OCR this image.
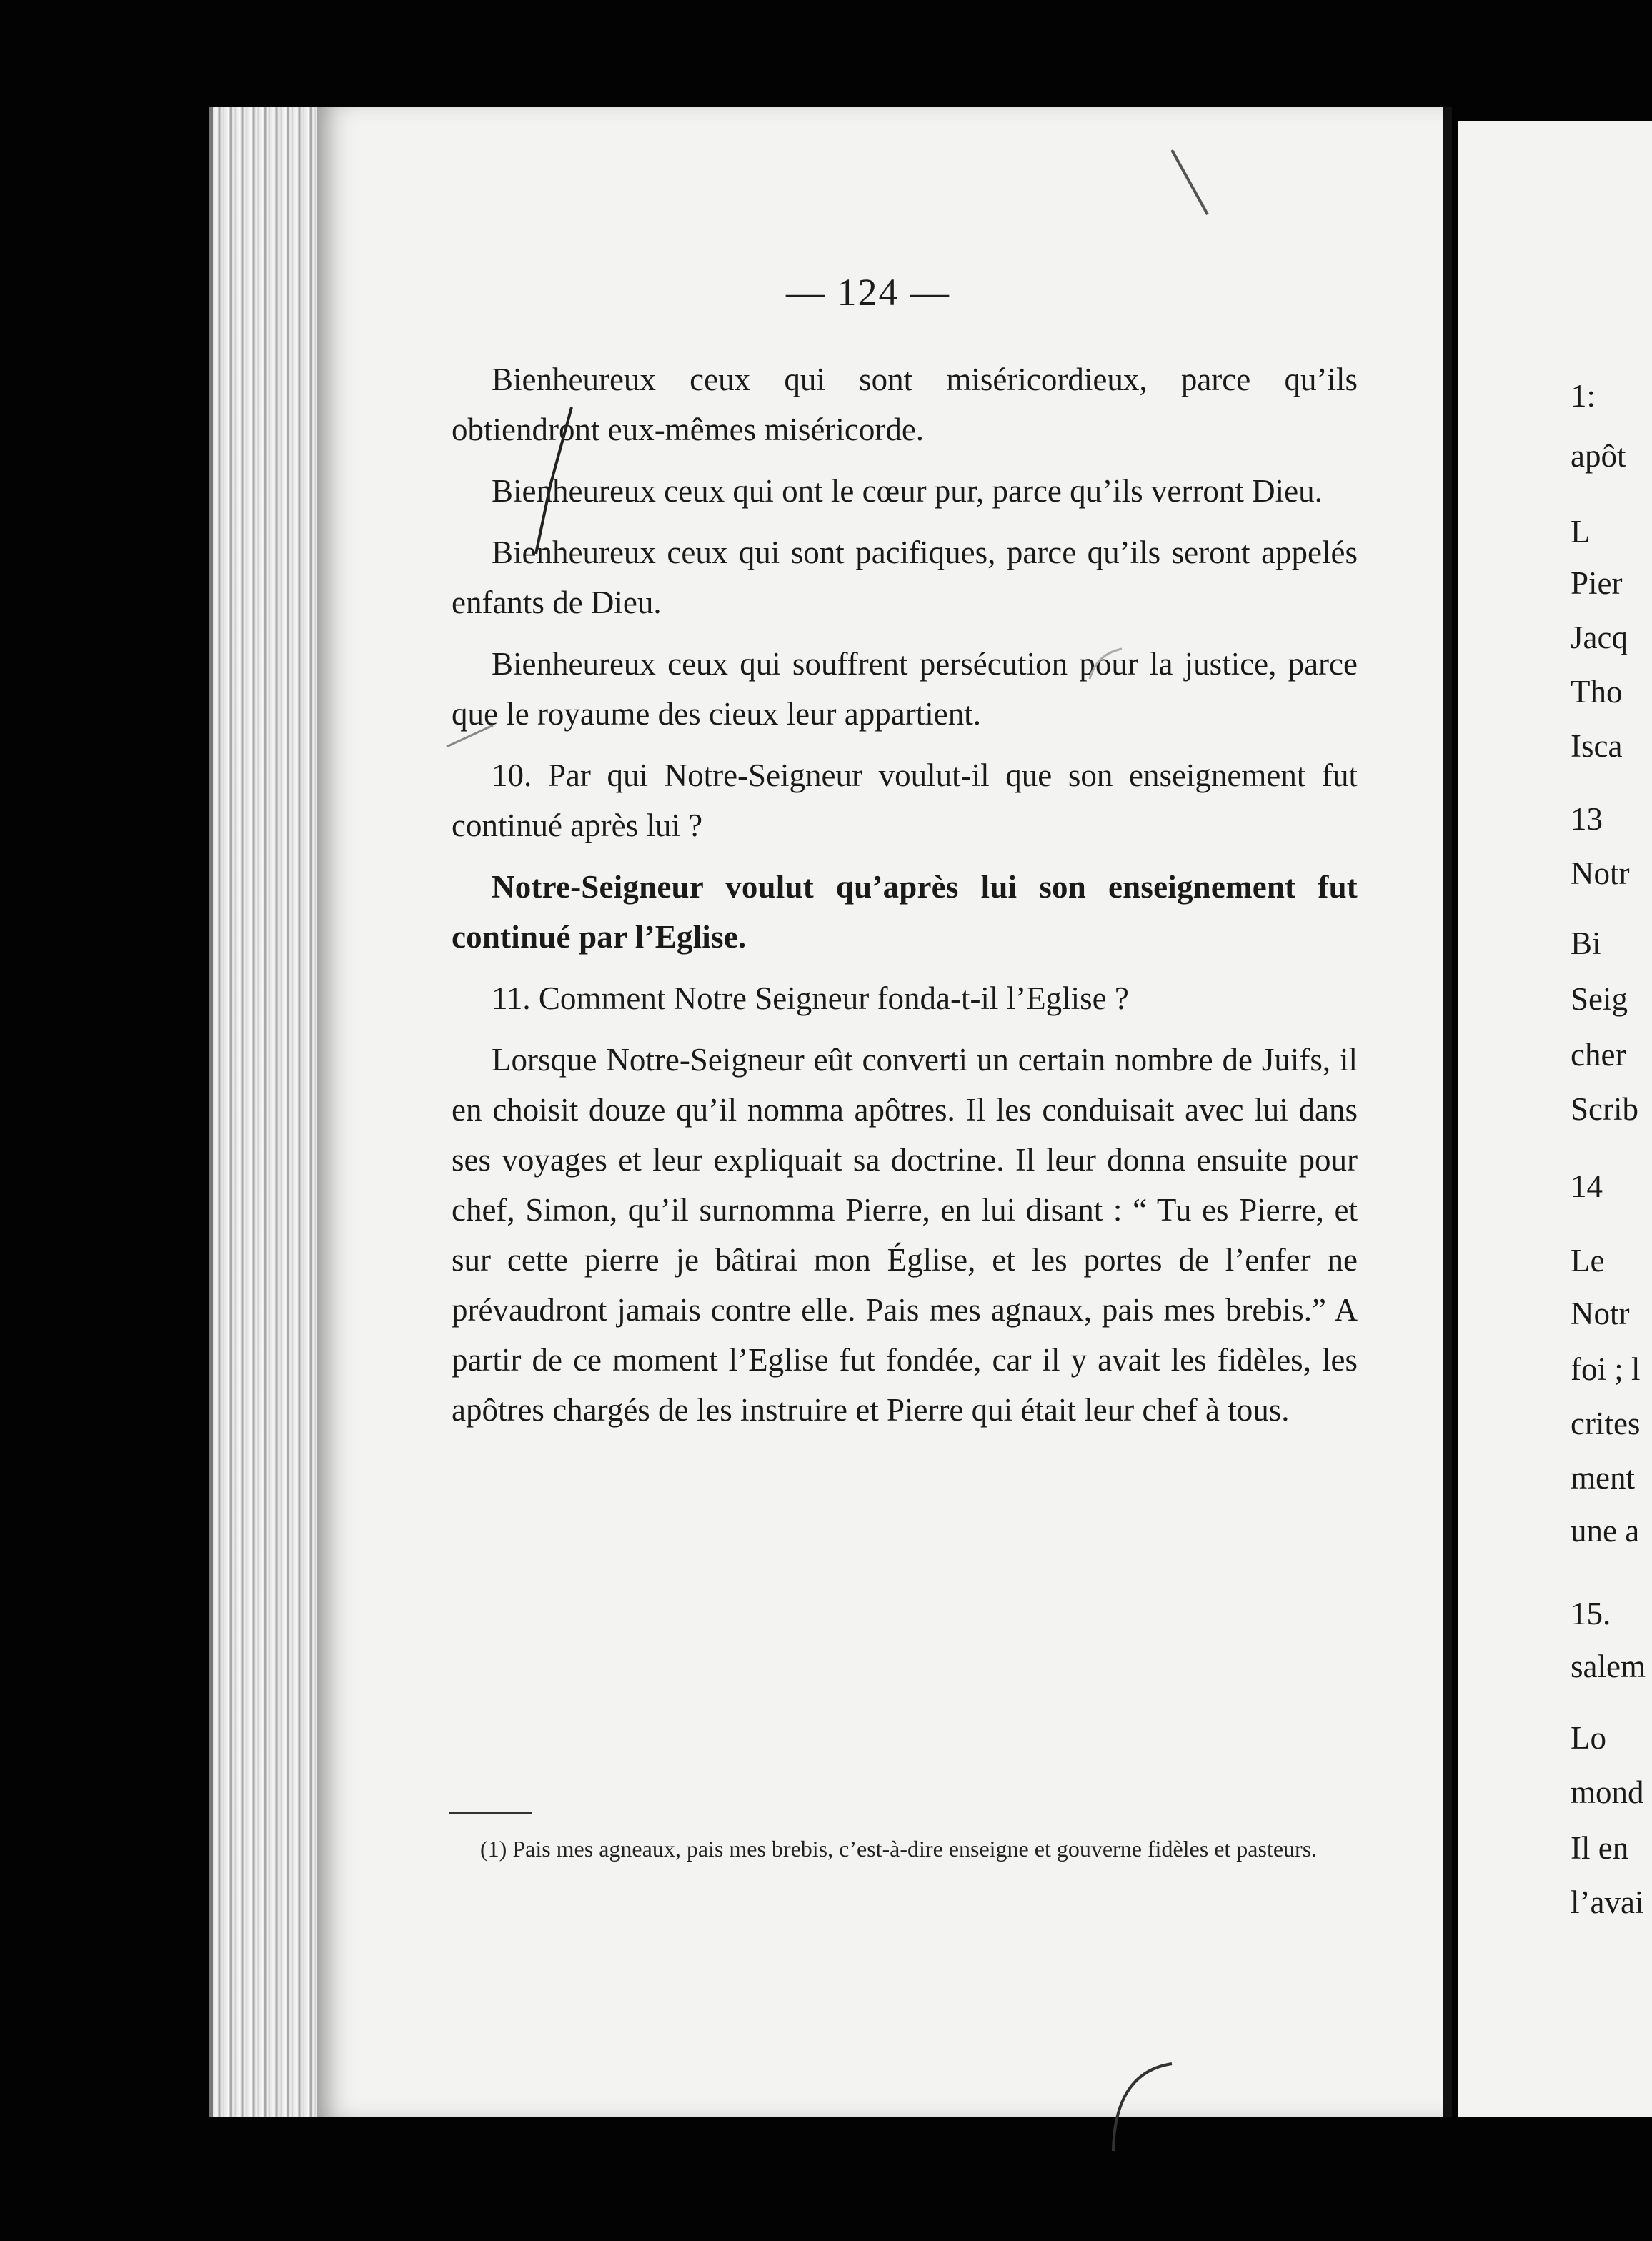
— 124 —

Bienheureux ceux qui sont miséricordieux, parce qu’ils obtiendront eux-mêmes miséricorde.

Bienheureux ceux qui ont le cœur pur, parce qu’ils verront Dieu.

Bienheureux ceux qui sont pacifiques, parce qu’ils seront appelés enfants de Dieu.

Bienheureux ceux qui souffrent persécution pour la justice, parce que le royaume des cieux leur appartient.

10. Par qui Notre-Seigneur voulut-il que son enseignement fut continué après lui ?

Notre-Seigneur voulut qu’après lui son enseignement fut continué par l’Eglise.

11. Comment Notre Seigneur fonda-t-il l’Eglise ?

Lorsque Notre-Seigneur eût converti un certain nombre de Juifs, il en choisit douze qu’il nomma apôtres. Il les conduisait avec lui dans ses voyages et leur expliquait sa doctrine. Il leur donna ensuite pour chef, Simon, qu’il surnomma Pierre, en lui disant : “ Tu es Pierre, et sur cette pierre je bâtirai mon Église, et les portes de l’enfer ne prévaudront jamais contre elle. Pais mes agnaux, pais mes brebis.” A partir de ce moment l’Eglise fut fondée, car il y avait les fidèles, les apôtres chargés de les instruire et Pierre qui était leur chef à tous.

(1) Pais mes agneaux, pais mes brebis, c’est-à-dire enseigne et gouverne fidèles et pasteurs.
1:
apôt
L
Pier
Jacq
Tho
Isca
13
Notr
Bi
Seig
cher
Scrib
14
Le
Notr
foi ; l
crites
ment
une a
15.
salem
Lo
mond
Il en
l’avai
